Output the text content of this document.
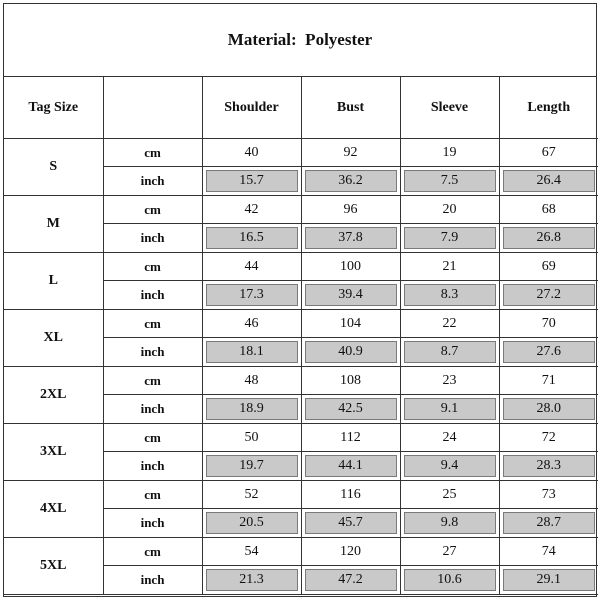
Material:  Polyester
Tag Size		Shoulder	Bust	Sleeve	Length
S	cm	40	92	19	67
	inch	15.7	36.2	7.5	26.4
M	cm	42	96	20	68
	inch	16.5	37.8	7.9	26.8
L	cm	44	100	21	69
	inch	17.3	39.4	8.3	27.2
XL	cm	46	104	22	70
	inch	18.1	40.9	8.7	27.6
2XL	cm	48	108	23	71
	inch	18.9	42.5	9.1	28.0
3XL	cm	50	112	24	72
	inch	19.7	44.1	9.4	28.3
4XL	cm	52	116	25	73
	inch	20.5	45.7	9.8	28.7
5XL	cm	54	120	27	74
	inch	21.3	47.2	10.6	29.1
